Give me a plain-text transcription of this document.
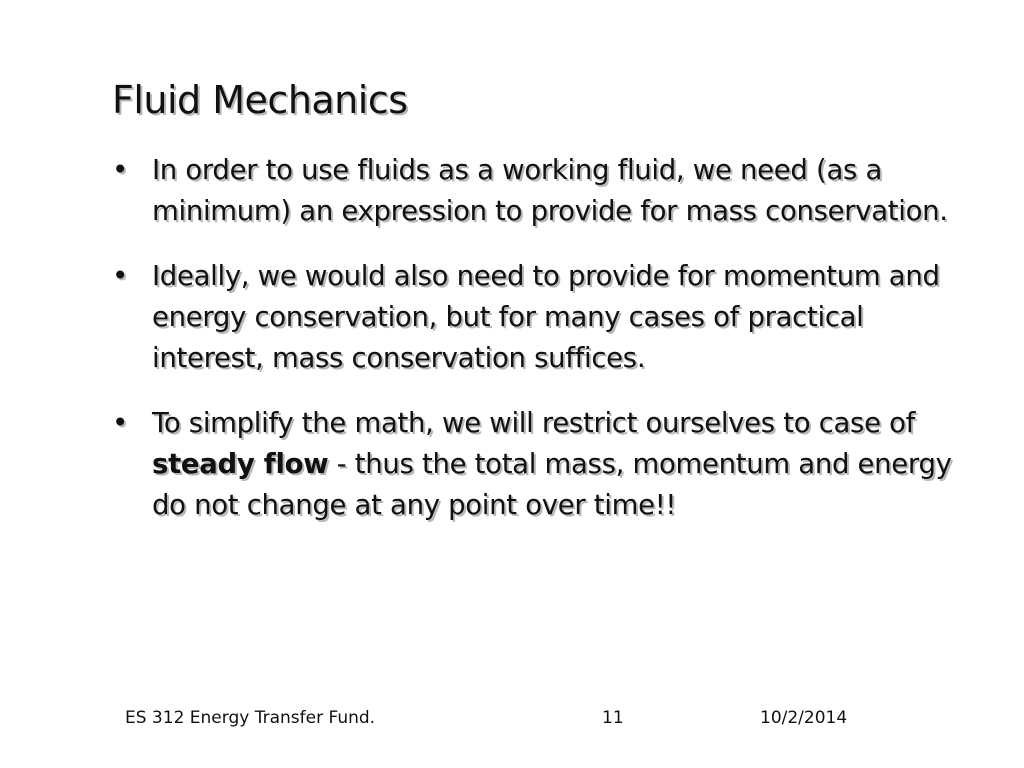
Fluid Mechanics
• In order to use fluids as a working fluid, we need (as a minimum) an expression to provide for mass conservation.
• Ideally, we would also need to provide for momentum and energy conservation, but for many cases of practical interest, mass conservation suffices.
• To simplify the math, we will restrict ourselves to case of steady flow - thus the total mass, momentum and energy do not change at any point over time!!
ES 312 Energy Transfer Fund.	11	10/2/2014
